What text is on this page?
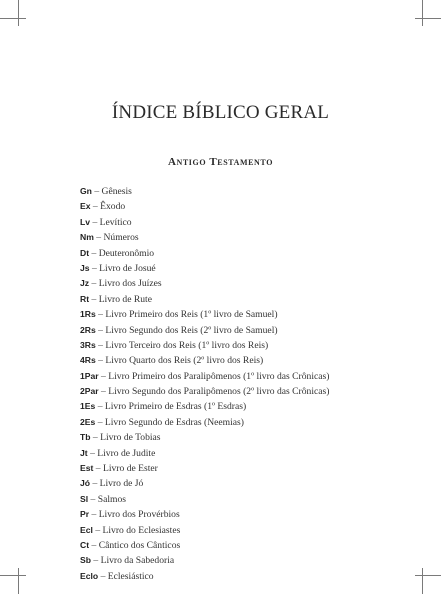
ÍNDICE BÍBLICO GERAL
Antigo Testamento
Gn – Gênesis
Ex – Êxodo
Lv – Levítico
Nm – Números
Dt – Deuteronômio
Js – Livro de Josué
Jz – Livro dos Juízes
Rt – Livro de Rute
1Rs – Livro Primeiro dos Reis (1º livro de Samuel)
2Rs – Livro Segundo dos Reis (2º livro de Samuel)
3Rs – Livro Terceiro dos Reis (1º livro dos Reis)
4Rs – Livro Quarto dos Reis (2º livro dos Reis)
1Par – Livro Primeiro dos Paralipômenos (1º livro das Crônicas)
2Par – Livro Segundo dos Paralipômenos (2º livro das Crônicas)
1Es – Livro Primeiro de Esdras (1º Esdras)
2Es – Livro Segundo de Esdras (Neemias)
Tb – Livro de Tobias
Jt – Livro de Judite
Est – Livro de Ester
Jó – Livro de Jó
Sl – Salmos
Pr – Livro dos Provérbios
Ecl – Livro do Eclesiastes
Ct – Cântico dos Cânticos
Sb – Livro da Sabedoria
Eclo – Eclesiástico
